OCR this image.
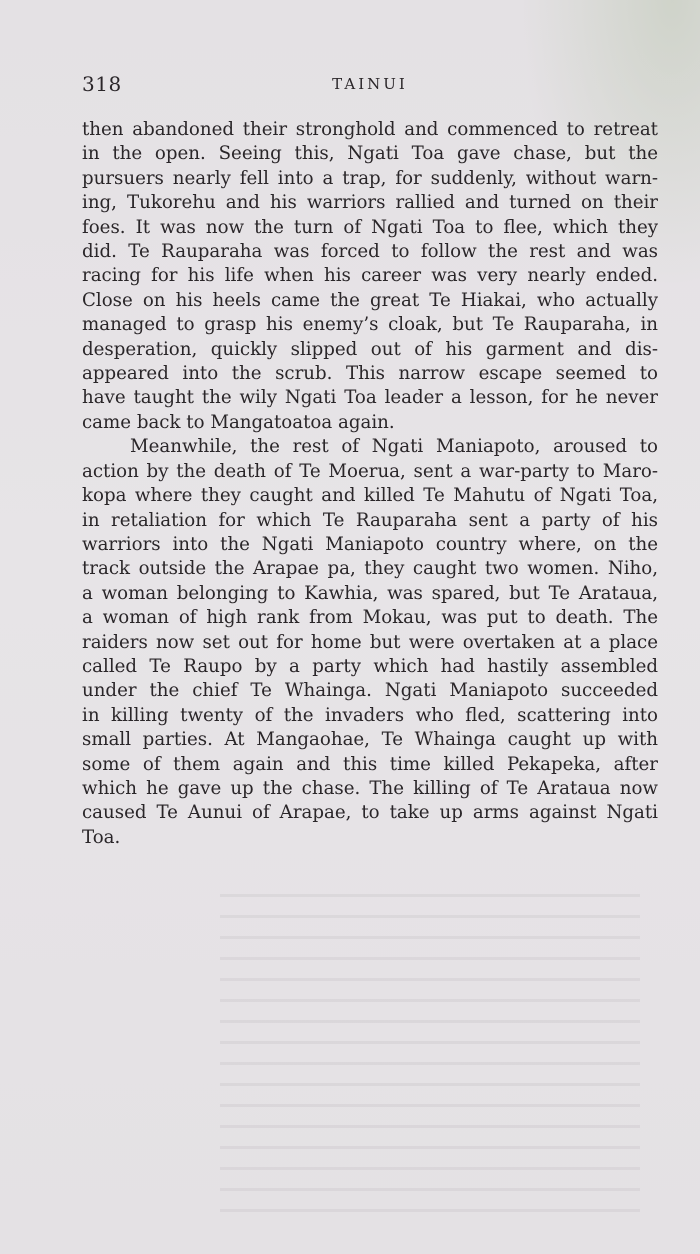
318	TAINUI

then abandoned their stronghold and commenced to retreat
in the open. Seeing this, Ngati Toa gave chase, but the
pursuers nearly fell into a trap, for suddenly, without warn-
ing, Tukorehu and his warriors rallied and turned on their
foes. It was now the turn of Ngati Toa to flee, which they
did. Te Rauparaha was forced to follow the rest and was
racing for his life when his career was very nearly ended.
Close on his heels came the great Te Hiakai, who actually
managed to grasp his enemy’s cloak, but Te Rauparaha, in
desperation, quickly slipped out of his garment and dis-
appeared into the scrub. This narrow escape seemed to
have taught the wily Ngati Toa leader a lesson, for he never
came back to Mangatoatoa again.

Meanwhile, the rest of Ngati Maniapoto, aroused to
action by the death of Te Moerua, sent a war-party to Maro-
kopa where they caught and killed Te Mahutu of Ngati Toa,
in retaliation for which Te Rauparaha sent a party of his
warriors into the Ngati Maniapoto country where, on the
track outside the Arapae pa, they caught two women. Niho,
a woman belonging to Kawhia, was spared, but Te Arataua,
a woman of high rank from Mokau, was put to death. The
raiders now set out for home but were overtaken at a place
called Te Raupo by a party which had hastily assembled
under the chief Te Whainga. Ngati Maniapoto succeeded
in killing twenty of the invaders who fled, scattering into
small parties. At Mangaohae, Te Whainga caught up with
some of them again and this time killed Pekapeka, after
which he gave up the chase. The killing of Te Arataua now
caused Te Aunui of Arapae, to take up arms against Ngati
Toa.
